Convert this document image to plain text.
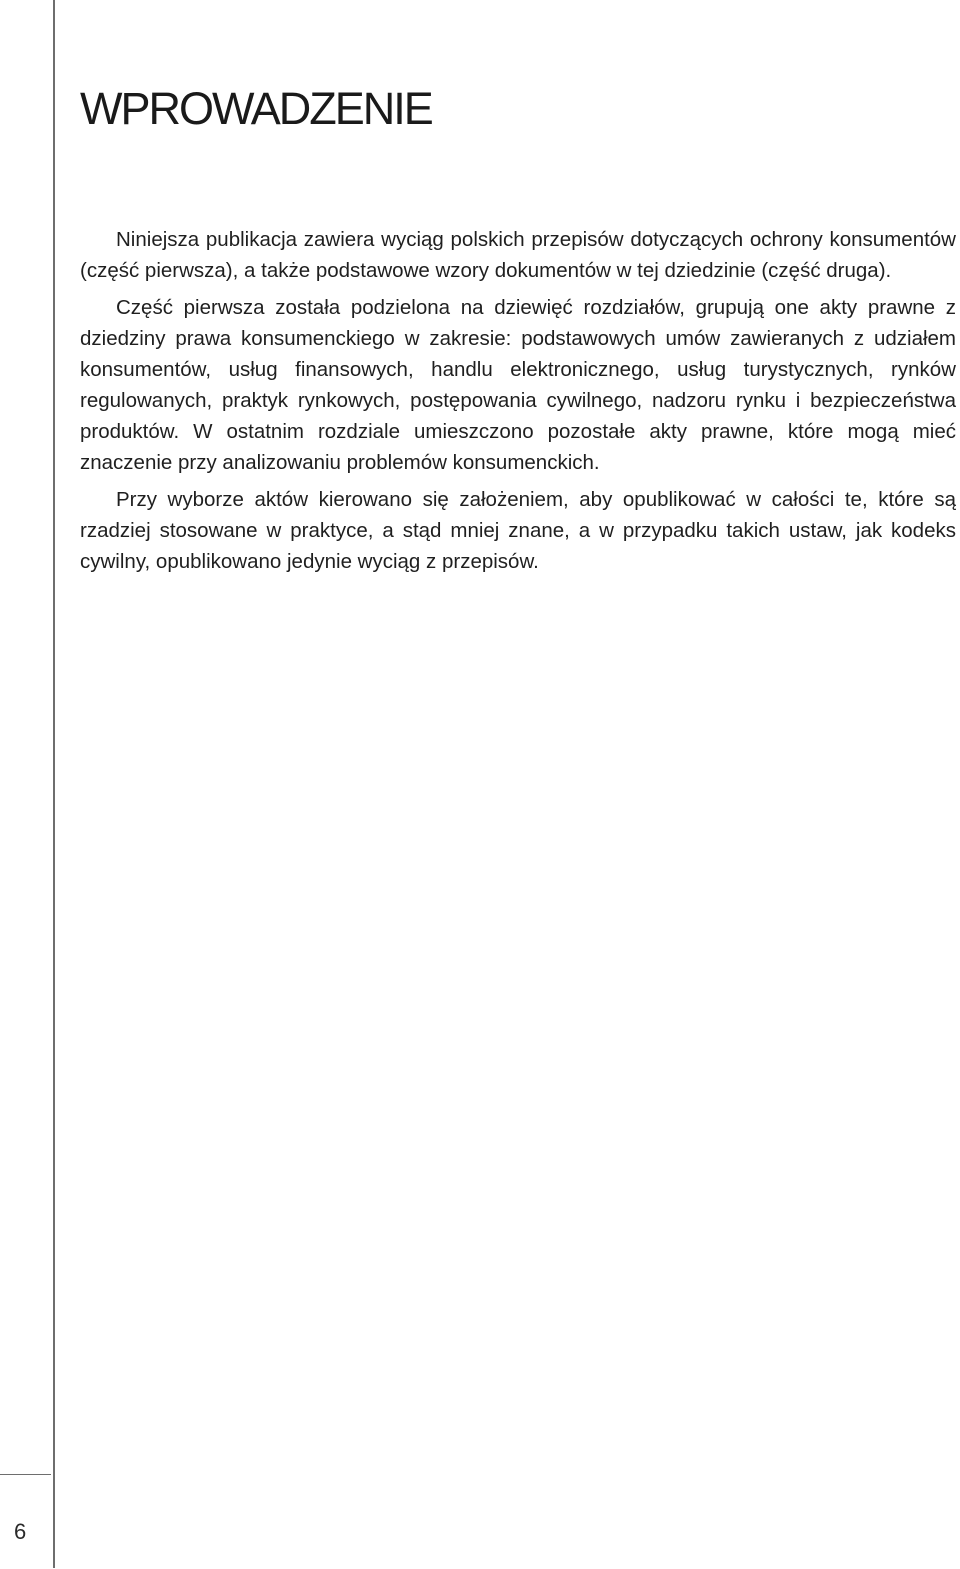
WPROWADZENIE

Niniejsza publikacja zawiera wyciąg polskich przepisów dotyczących ochrony konsumentów (część pierwsza), a także podstawowe wzory dokumentów w tej dziedzinie (część druga).

Część pierwsza została podzielona na dziewięć rozdziałów, grupują one akty prawne z dziedziny prawa konsumenckiego w zakresie: podstawowych umów zawieranych z udziałem konsumentów, usług finansowych, handlu elektronicznego, usług turystycznych, rynków regulowanych, praktyk rynkowych, postępowania cywilnego, nadzoru rynku i bezpieczeństwa produktów. W ostatnim rozdziale umieszczono pozostałe akty prawne, które mogą mieć znaczenie przy analizowaniu problemów konsumenckich.

Przy wyborze aktów kierowano się założeniem, aby opublikować w całości te, które są rzadziej stosowane w praktyce, a stąd mniej znane, a w przypadku takich ustaw, jak kodeks cywilny, opublikowano jedynie wyciąg z przepisów.

6
